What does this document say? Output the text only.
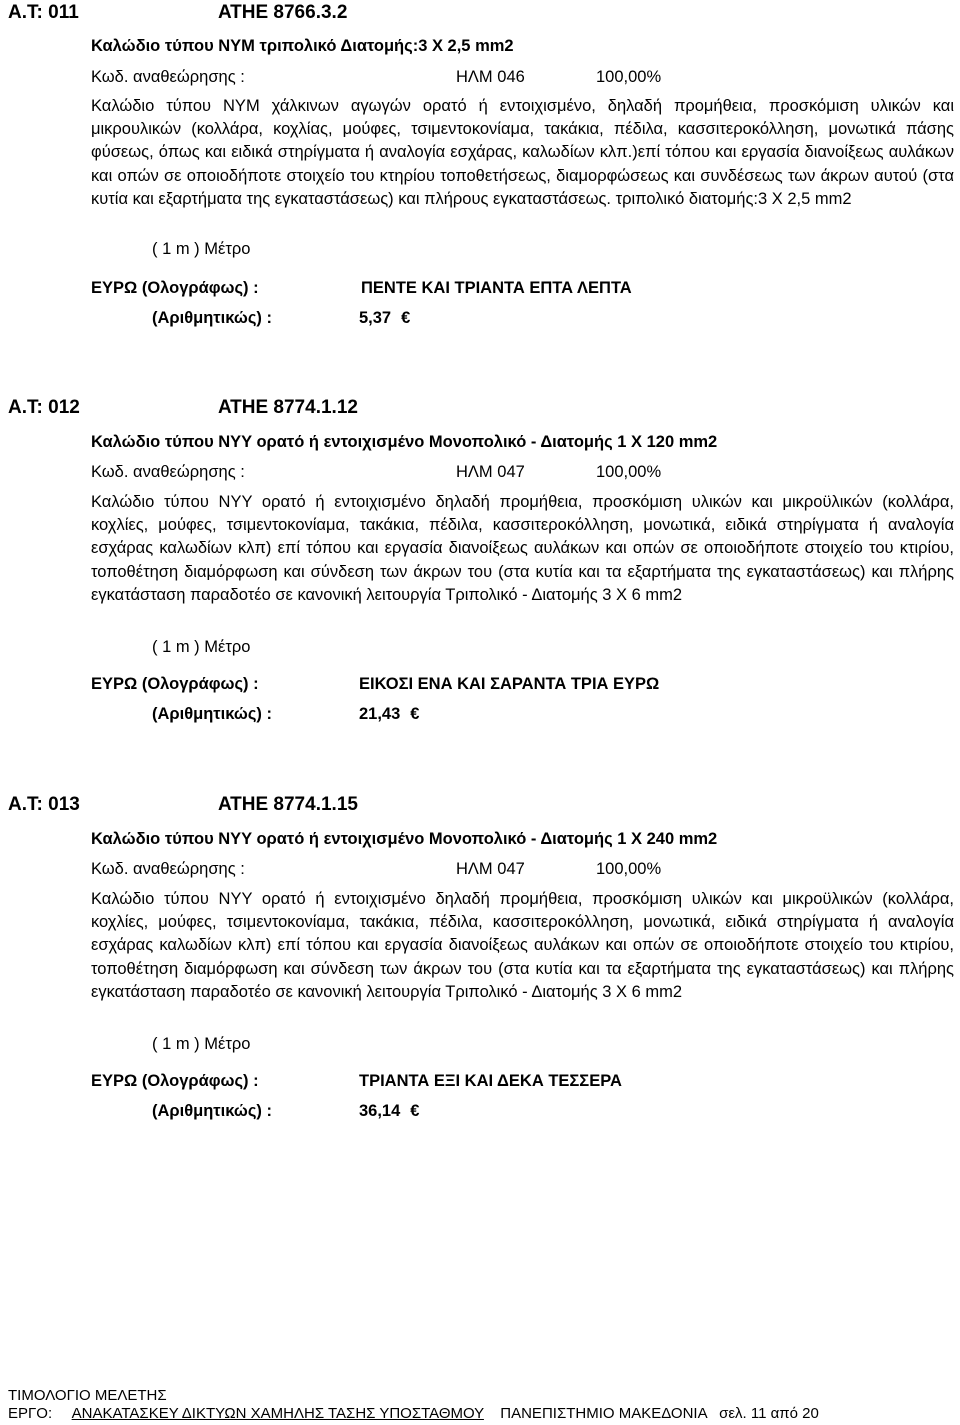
Α.Τ: 011	ΑΤΗΕ 8766.3.2
Καλώδιο τύπου NYM τριπολικό Διατομής:3 Χ 2,5 mm2
Κωδ. αναθεώρησης :	ΗΛΜ 046	100,00%
Καλώδιο τύπου NYM χάλκινων αγωγών ορατό ή εντοιχισμένο, δηλαδή προμήθεια, προσκόμιση υλικών και μικρουλικών (κολλάρα, κοχλίας, μούφες, τσιμεντοκονίαμα, τακάκια, πέδιλα, κασσιτεροκόλληση, μονωτικά πάσης φύσεως, όπως και ειδικά στηρίγματα ή αναλογία εσχάρας, καλωδίων κλπ.)επί τόπου και εργασία διανοίξεως αυλάκων και οπών σε οποιοδήποτε στοιχείο του κτηρίου τοποθετήσεως, διαμορφώσεως και συνδέσεως των άκρων αυτού (στα κυτία και εξαρτήματα της εγκαταστάσεως) και πλήρους εγκαταστάσεως. τριπολικό διατομής:3 Χ 2,5 mm2
( 1 m ) Μέτρο
ΕΥΡΩ (Ολογράφως) :	ΠΕΝΤΕ ΚΑΙ ΤΡΙΑΝΤΑ ΕΠΤΑ ΛΕΠΤΑ
(Αριθμητικώς) :	5,37 €
Α.Τ: 012	ΑΤΗΕ 8774.1.12
Καλώδιο τύπου NYY ορατό ή εντοιχισμένο Μονοπολικό - Διατομής 1 Χ 120 mm2
Κωδ. αναθεώρησης :	ΗΛΜ 047	100,00%
Καλώδιο τύπου NYY ορατό ή εντοιχισμένο δηλαδή προμήθεια, προσκόμιση υλικών και μικροϋλικών (κολλάρα, κοχλίες, μούφες, τσιμεντοκονίαμα, τακάκια, πέδιλα, κασσιτεροκόλληση, μονωτικά, ειδικά στηρίγματα ή αναλογία εσχάρας καλωδίων κλπ) επί τόπου και εργασία διανοίξεως αυλάκων και οπών σε οποιοδήποτε στοιχείο του κτιρίου, τοποθέτηση διαμόρφωση και σύνδεση των άκρων του (στα κυτία και τα εξαρτήματα της εγκαταστάσεως) και πλήρης εγκατάσταση παραδοτέο σε κανονική λειτουργία Τριπολικό - Διατομής 3 Χ 6 mm2
( 1 m ) Μέτρο
ΕΥΡΩ (Ολογράφως) :	ΕΙΚΟΣΙ ΕΝΑ ΚΑΙ ΣΑΡΑΝΤΑ ΤΡΙΑ ΕΥΡΩ
(Αριθμητικώς) :	21,43 €
Α.Τ: 013	ΑΤΗΕ 8774.1.15
Καλώδιο τύπου NYY ορατό ή εντοιχισμένο Μονοπολικό - Διατομής 1 Χ 240 mm2
Κωδ. αναθεώρησης :	ΗΛΜ 047	100,00%
Καλώδιο τύπου NYY ορατό ή εντοιχισμένο δηλαδή προμήθεια, προσκόμιση υλικών και μικροϋλικών (κολλάρα, κοχλίες, μούφες, τσιμεντοκονίαμα, τακάκια, πέδιλα, κασσιτεροκόλληση, μονωτικά, ειδικά στηρίγματα ή αναλογία εσχάρας καλωδίων κλπ) επί τόπου και εργασία διανοίξεως αυλάκων και οπών σε οποιοδήποτε στοιχείο του κτιρίου, τοποθέτηση διαμόρφωση και σύνδεση των άκρων του (στα κυτία και τα εξαρτήματα της εγκαταστάσεως) και πλήρης εγκατάσταση παραδοτέο σε κανονική λειτουργία Τριπολικό - Διατομής 3 Χ 6 mm2
( 1 m ) Μέτρο
ΕΥΡΩ (Ολογράφως) :	ΤΡΙΑΝΤΑ ΕΞΙ ΚΑΙ ΔΕΚΑ ΤΕΣΣΕΡΑ
(Αριθμητικώς) :	36,14 €
ΤΙΜΟΛΟΓΙΟ ΜΕΛΕΤΗΣ
ΕΡΓΟ: ΑΝΑΚΑΤΑΣΚΕΥ ΔΙΚΤΥΩΝ ΧΑΜΗΛΗΣ ΤΑΣΗΣ ΥΠΟΣΤΑΘΜΟΥ ΠΑΝΕΠΙΣΤΗΜΙΟ ΜΑΚΕΔΟΝΙΑ σελ. 11 από 20
